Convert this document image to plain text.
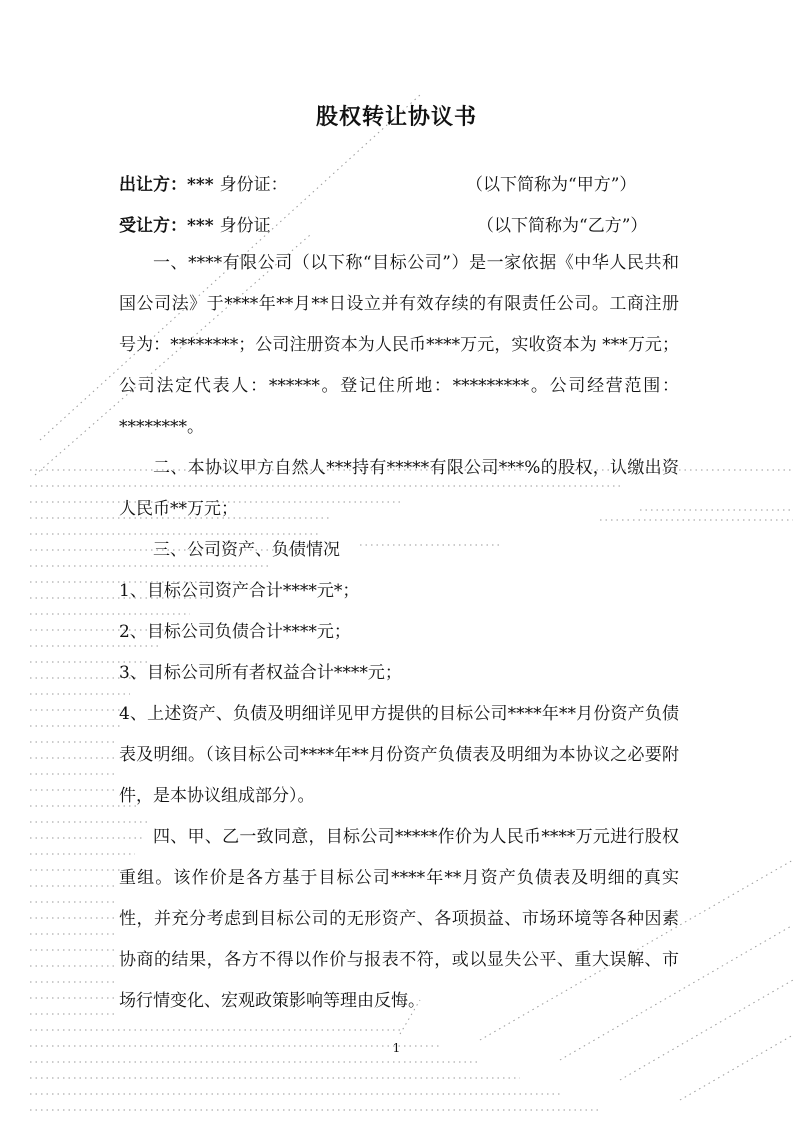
股权转让协议书
出让方：*** 身份证：	（以下简称为“甲方”）
受让方：*** 身份证	（以下简称为“乙方”）

一、****有限公司（以下称“目标公司”）是一家依据《中华人民共和国公司法》于****年**月**日设立并有效存续的有限责任公司。工商注册号为：********；公司注册资本为人民币****万元，实收资本为 ***万元；公司法定代表人：******。登记住所地：*********。公司经营范围：********。

二、本协议甲方自然人***持有*****有限公司***%的股权，认缴出资人民币**万元；

三、公司资产、负债情况

1、目标公司资产合计****元*；

2、目标公司负债合计****元；

3、目标公司所有者权益合计****元；

4、上述资产、负债及明细详见甲方提供的目标公司****年**月份资产负债表及明细。（该目标公司****年**月份资产负债表及明细为本协议之必要附件，是本协议组成部分）。

四、甲、乙一致同意，目标公司*****作价为人民币****万元进行股权重组。该作价是各方基于目标公司****年**月资产负债表及明细的真实性，并充分考虑到目标公司的无形资产、各项损益、市场环境等各种因素协商的结果，各方不得以作价与报表不符，或以显失公平、重大误解、市场行情变化、宏观政策影响等理由反悔。

1
